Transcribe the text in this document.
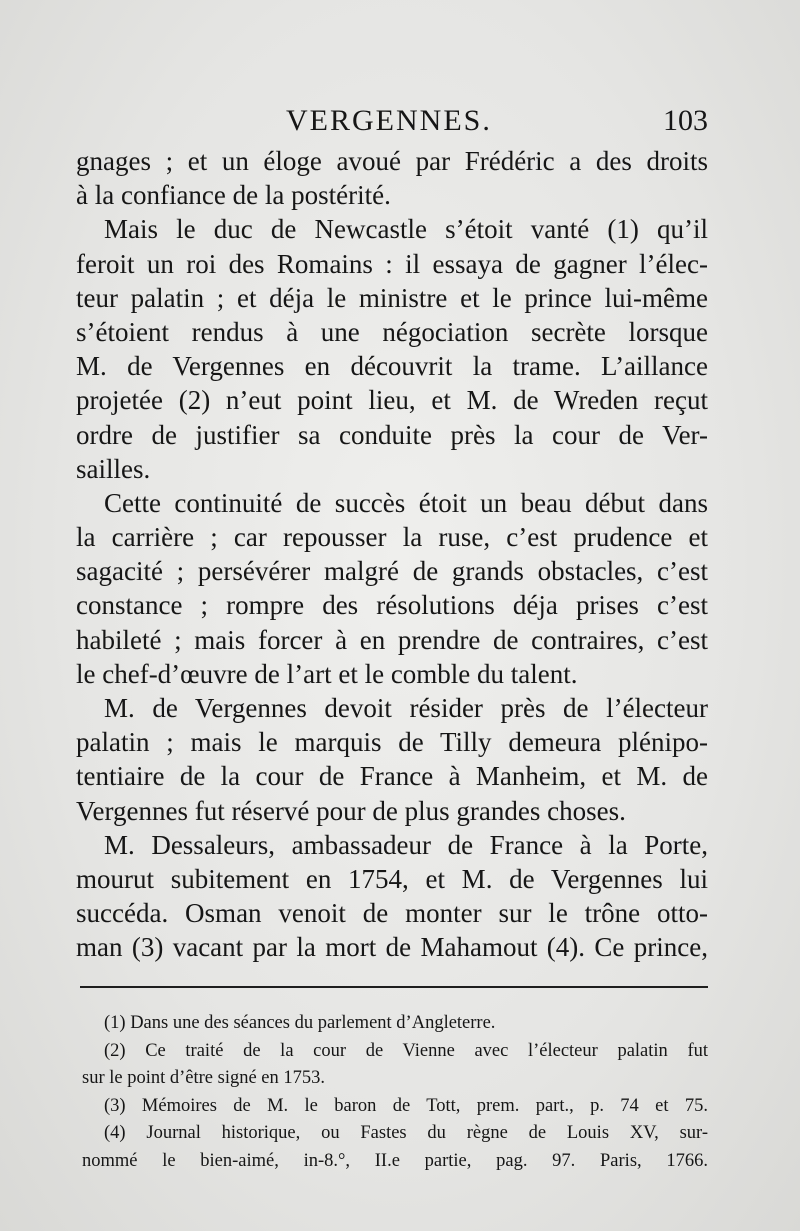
VERGENNES.	103
gnages ; et un éloge avoué par Frédéric a des droits
à la confiance de la postérité.
Mais le duc de Newcastle s’étoit vanté (1) qu’il
feroit un roi des Romains : il essaya de gagner l’élec-
teur palatin ; et déja le ministre et le prince lui-même
s’étoient rendus à une négociation secrète lorsque
M. de Vergennes en découvrit la trame. L’aillance
projetée (2) n’eut point lieu, et M. de Wreden reçut
ordre de justifier sa conduite près la cour de Ver-
sailles.
Cette continuité de succès étoit un beau début dans
la carrière ; car repousser la ruse, c’est prudence et
sagacité ; persévérer malgré de grands obstacles, c’est
constance ; rompre des résolutions déja prises c’est
habileté ; mais forcer à en prendre de contraires, c’est
le chef-d’œuvre de l’art et le comble du talent.
M. de Vergennes devoit résider près de l’électeur
palatin ; mais le marquis de Tilly demeura plénipo-
tentiaire de la cour de France à Manheim, et M. de
Vergennes fut réservé pour de plus grandes choses.
M. Dessaleurs, ambassadeur de France à la Porte,
mourut subitement en 1754, et M. de Vergennes lui
succéda. Osman venoit de monter sur le trône otto-
man (3) vacant par la mort de Mahamout (4). Ce prince,
(1) Dans une des séances du parlement d’Angleterre.
(2) Ce traité de la cour de Vienne avec l’électeur palatin fut
sur le point d’être signé en 1753.
(3) Mémoires de M. le baron de Tott, prem. part., p. 74 et 75.
(4) Journal historique, ou Fastes du règne de Louis XV, sur-
nommé le bien-aimé, in-8.°, II.e partie, pag. 97. Paris, 1766.
